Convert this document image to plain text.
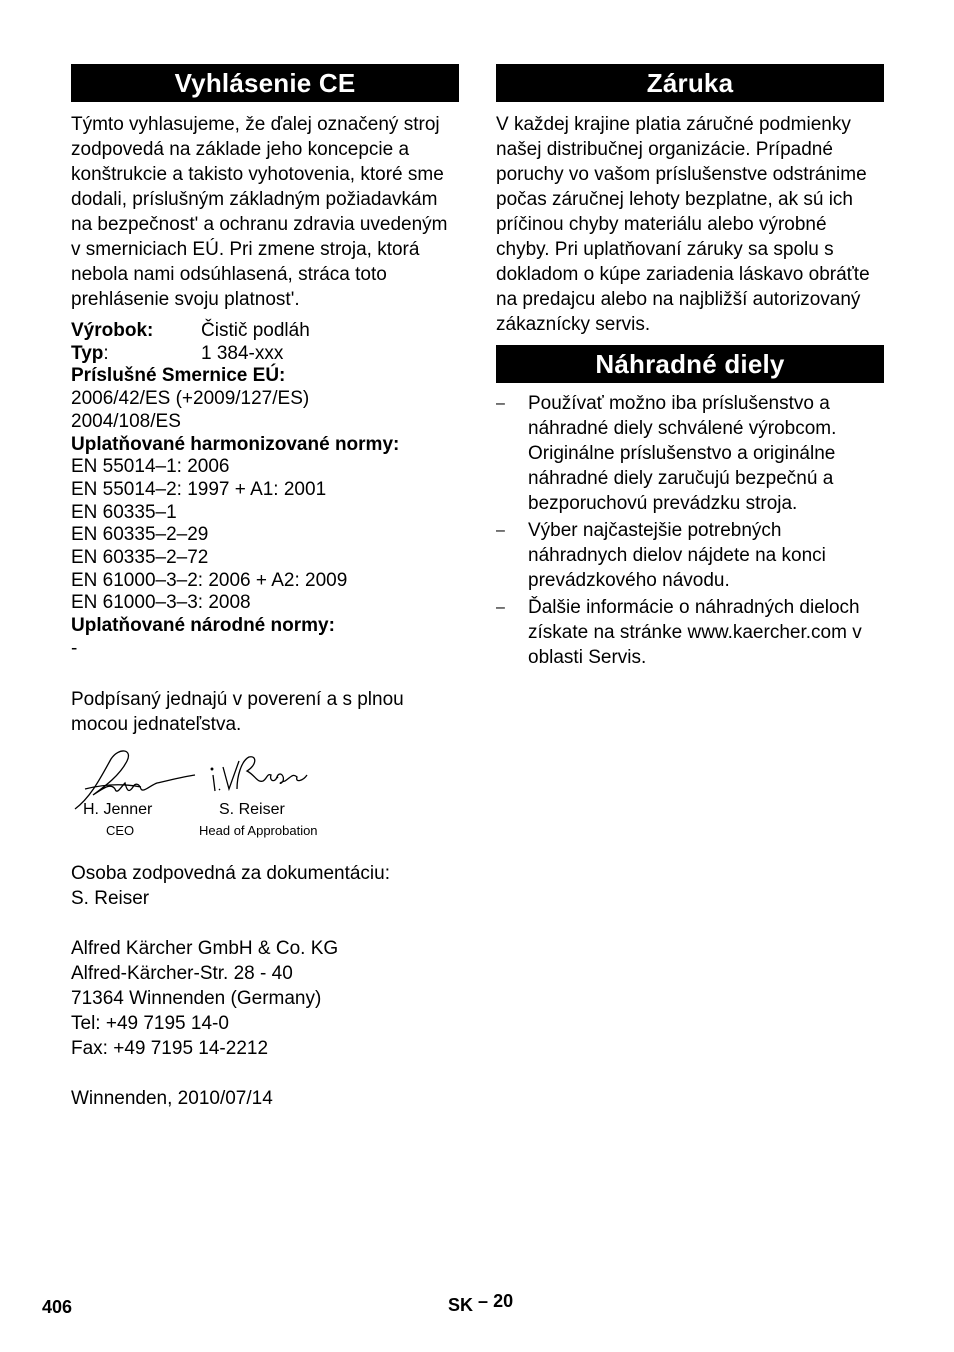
Vyhlásenie CE
Týmto vyhlasujeme, že ďalej označený stroj zodpovedá na základe jeho koncepcie a konštrukcie a takisto vyhotovenia, ktoré sme dodali, príslušným základným požiadavkám na bezpečnost' a ochranu zdravia uvedeným v smerniciach EÚ. Pri zmene stroja, ktorá nebola nami odsúhlasená, stráca toto prehlásenie svoju platnost'.
Výrobok:	Čistič podláh
Typ:	1 384-xxx
Príslušné Smernice EÚ:
2006/42/ES (+2009/127/ES)
2004/108/ES
Uplatňované harmonizované normy:
EN 55014–1: 2006
EN 55014–2: 1997 + A1: 2001
EN 60335–1
EN 60335–2–29
EN 60335–2–72
EN 61000–3–2: 2006 + A2: 2009
EN 61000–3–3: 2008
Uplatňované národné normy:
-
Podpísaný jednajú v poverení a s plnou mocou jednateľstva.
H. Jenner
CEO
S. Reiser
Head of Approbation
Osoba zodpovedná za dokumentáciu:
S. Reiser
Alfred Kärcher GmbH & Co. KG
Alfred-Kärcher-Str. 28 - 40
71364 Winnenden (Germany)
Tel: +49 7195 14-0
Fax: +49 7195 14-2212
Winnenden, 2010/07/14
Záruka
V každej krajine platia záručné podmienky našej distribučnej organizácie. Prípadné poruchy vo vašom príslušenstve odstránime počas záručnej lehoty bezplatne, ak sú ich príčinou chyby materiálu alebo výrobné chyby. Pri uplatňovaní záruky sa spolu s dokladom o kúpe zariadenia láskavo obráťte na predajcu alebo na najbližší autorizovaný zákaznícky servis.
Náhradné diely
–	Používať možno iba príslušenstvo a náhradné diely schválené výrobcom. Originálne príslušenstvo a originálne náhradné diely zaručujú bezpečnú a bezporuchovú prevádzku stroja.
–	Výber najčastejšie potrebných náhradnych dielov nájdete na konci prevádzkového návodu.
–	Ďalšie informácie o náhradných dieloch získate na stránke www.kaercher.com v oblasti Servis.
406	SK – 20
